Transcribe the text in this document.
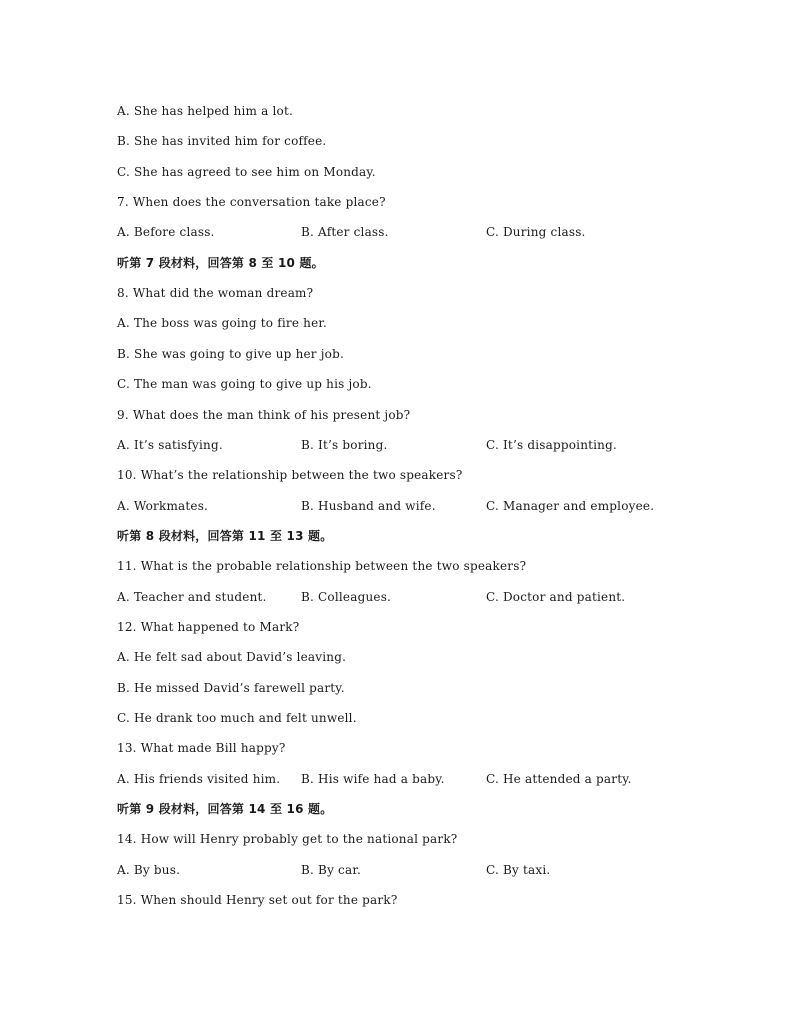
A. She has helped him a lot.
B. She has invited him for coffee.
C. She has agreed to see him on Monday.
7. When does the conversation take place?
A. Before class.	B. After class.	C. During class.
听第 7 段材料，回答第 8 至 10 题。
8. What did the woman dream?
A. The boss was going to fire her.
B. She was going to give up her job.
C. The man was going to give up his job.
9. What does the man think of his present job?
A. It’s satisfying.	B. It’s boring.	C. It’s disappointing.
10. What’s the relationship between the two speakers?
A. Workmates.	B. Husband and wife.	C. Manager and employee.
听第 8 段材料，回答第 11 至 13 题。
11. What is the probable relationship between the two speakers?
A. Teacher and student.	B. Colleagues.	C. Doctor and patient.
12. What happened to Mark?
A. He felt sad about David’s leaving.
B. He missed David’s farewell party.
C. He drank too much and felt unwell.
13. What made Bill happy?
A. His friends visited him. B. His wife had a baby.	C. He attended a party.
听第 9 段材料，回答第 14 至 16 题。
14. How will Henry probably get to the national park?
A. By bus.	B. By car.	C. By taxi.
15. When should Henry set out for the park?
